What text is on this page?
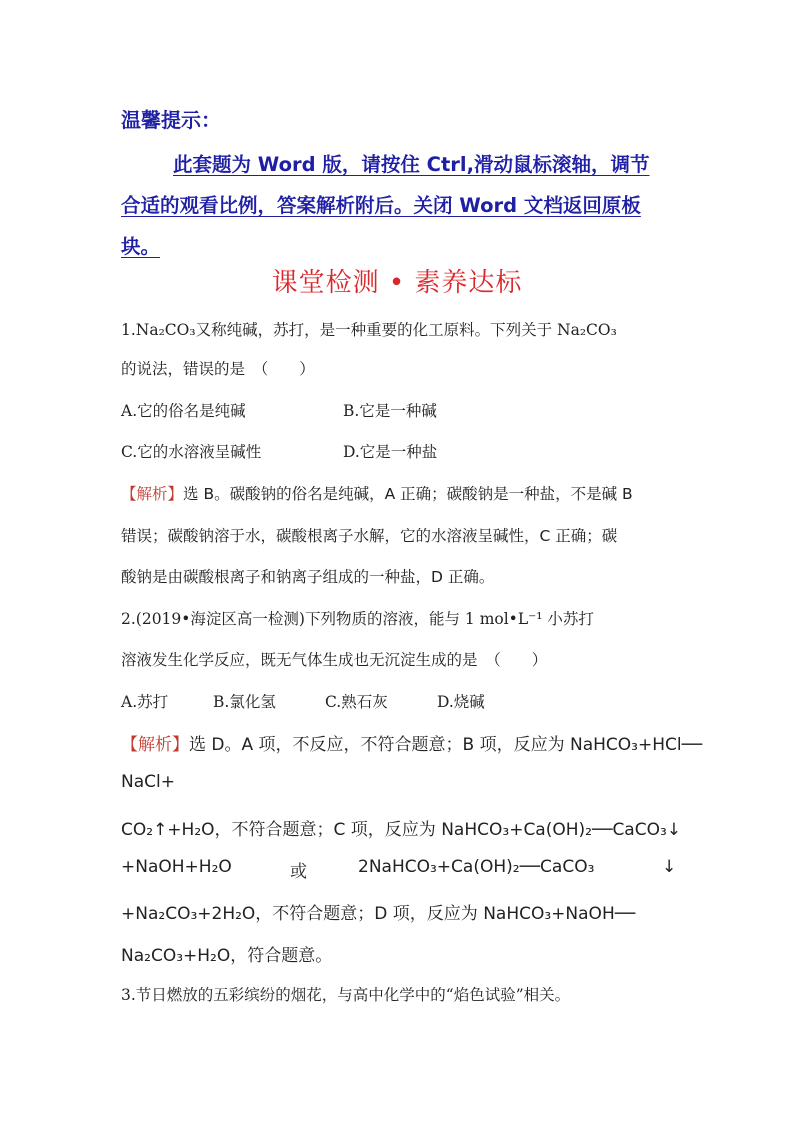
温馨提示：
此套题为 Word 版，请按住 Ctrl,滑动鼠标滚轴，调节
合适的观看比例，答案解析附后。关闭 Word 文档返回原板
块。
课堂检测 • 素养达标
1.Na₂CO₃又称纯碱，苏打，是一种重要的化工原料。下列关于 Na₂CO₃
的说法，错误的是　（　　）
A.它的俗名是纯碱	B.它是一种碱
C.它的水溶液呈碱性	D.它是一种盐
【解析】选 B。碳酸钠的俗名是纯碱，A 正确；碳酸钠是一种盐，不是碱 B
错误；碳酸钠溶于水，碳酸根离子水解，它的水溶液呈碱性，C 正确；碳
酸钠是由碳酸根离子和钠离子组成的一种盐，D 正确。
2.(2019•海淀区高一检测)下列物质的溶液，能与 1 mol•L⁻¹ 小苏打
溶液发生化学反应，既无气体生成也无沉淀生成的是　（　　）
A.苏打	B.氯化氢	C.熟石灰	D.烧碱
【解析】选 D。A 项，不反应，不符合题意；B 项，反应为 NaHCO₃+HCl──
NaCl+
CO₂↑+H₂O，不符合题意；C 项，反应为 NaHCO₃+Ca(OH)₂──CaCO₃↓
+NaOH+H₂O	或	2NaHCO₃+Ca(OH)₂──CaCO₃	↓
+Na₂CO₃+2H₂O，不符合题意；D 项，反应为 NaHCO₃+NaOH──
Na₂CO₃+H₂O，符合题意。
3.节日燃放的五彩缤纷的烟花，与高中化学中的“焰色试验”相关。
